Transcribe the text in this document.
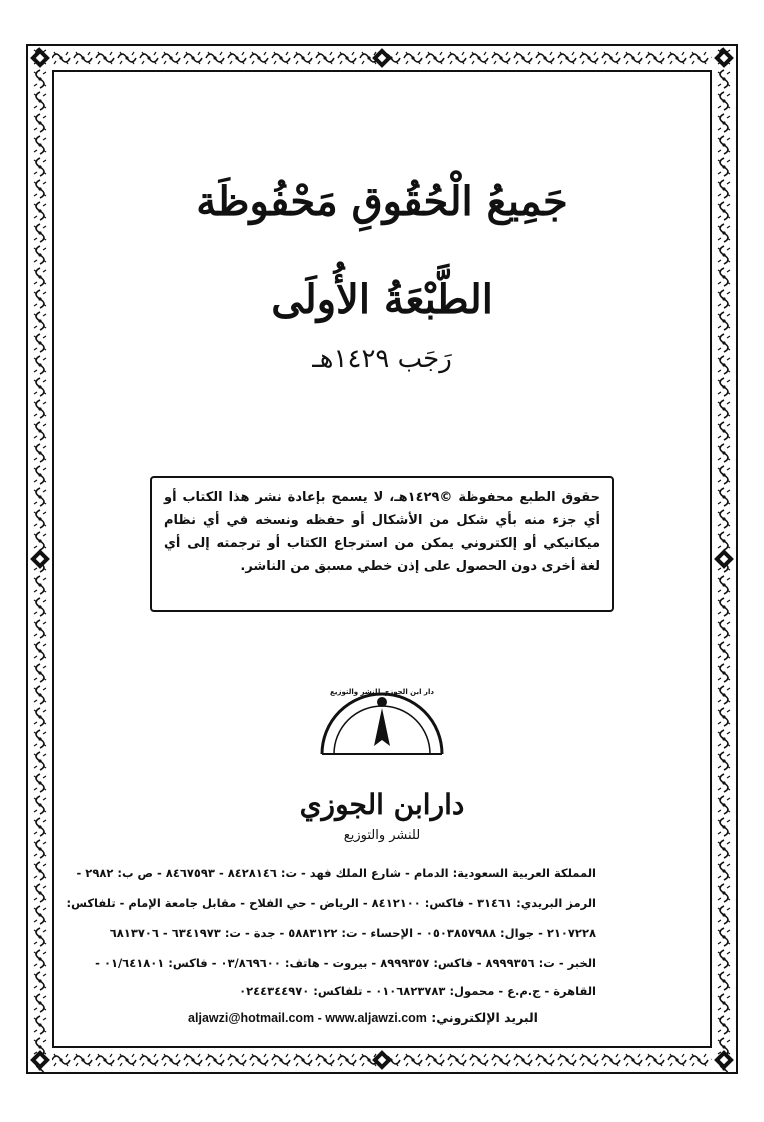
جَمِيعُ الْحُقُوقِ مَحْفُوظَة
الطَّبْعَةُ الأُولَى
رَجَب ١٤٢٩هـ
حقوق الطبع محفوظة ©١٤٢٩هـ، لا يسمح بإعادة نشر هذا الكتاب أو أي جزء منه بأي شكل من الأشكال أو حفظه ونسخه في أي نظام ميكانيكي أو إلكتروني يمكن من استرجاع الكتاب أو ترجمته إلى أي لغة أخرى دون الحصول على إذن خطي مسبق من الناشر.
دار ابن الجوزي للنشر والتوزيع
دارابن الجوزي
للنشر والتوزيع
المملكة العربية السعودية: الدمام - شارع الملك فهد - ت: ٨٤٢٨١٤٦ - ٨٤٦٧٥٩٣ - ص ب: ٢٩٨٢ -
الرمز البريدي: ٣١٤٦١ - فاكس: ٨٤١٢١٠٠ - الرياض - حي الفلاح - مقابل جامعة الإمام - تلفاكس:
٢١٠٧٢٢٨ - جوال: ٠٥٠٣٨٥٧٩٨٨ - الإحساء - ت: ٥٨٨٣١٢٢ - جدة - ت: ٦٣٤١٩٧٣ - ٦٨١٣٧٠٦
الخبر - ت: ٨٩٩٩٣٥٦ - فاكس: ٨٩٩٩٣٥٧ - بيروت - هاتف: ٠٣/٨٦٩٦٠٠ - فاكس: ٠١/٦٤١٨٠١ -
القاهرة - ج.م.ع - محمول: ٠١٠٦٨٢٣٧٨٣ - تلفاكس: ٠٢٤٤٣٤٤٩٧٠
البريد الإلكتروني: aljawzi@hotmail.com - www.aljawzi.com
